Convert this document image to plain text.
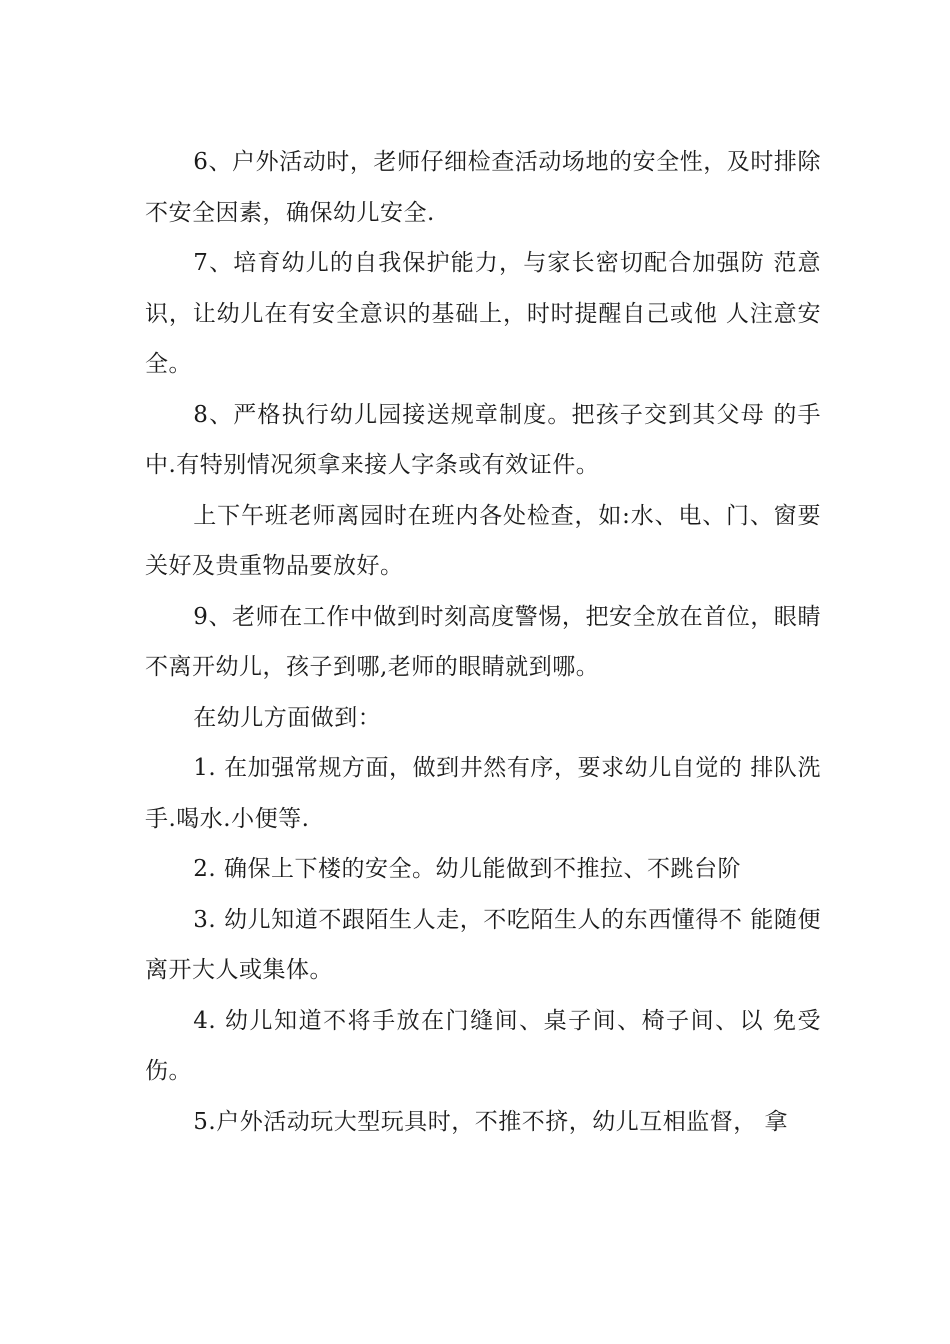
6、户外活动时，老师仔细检查活动场地的安全性，及时排除不安全因素，确保幼儿安全.

7、培育幼儿的自我保护能力，与家长密切配合加强防 范意识，让幼儿在有安全意识的基础上，时时提醒自己或他 人注意安全。

8、严格执行幼儿园接送规章制度。把孩子交到其父母 的手中.有特别情况须拿来接人字条或有效证件。

上下午班老师离园时在班内各处检查，如:水、电、门、窗要关好及贵重物品要放好。

9、老师在工作中做到时刻高度警惕，把安全放在首位，眼睛不离开幼儿，孩子到哪,老师的眼睛就到哪。

在幼儿方面做到：

1. 在加强常规方面，做到井然有序，要求幼儿自觉的 排队洗手.喝水.小便等.

2. 确保上下楼的安全。幼儿能做到不推拉、不跳台阶

3. 幼儿知道不跟陌生人走，不吃陌生人的东西懂得不 能随便离开大人或集体。

4. 幼儿知道不将手放在门缝间、桌子间、椅子间、以 免受伤。

5.户外活动玩大型玩具时，不推不挤，幼儿互相监督， 拿
